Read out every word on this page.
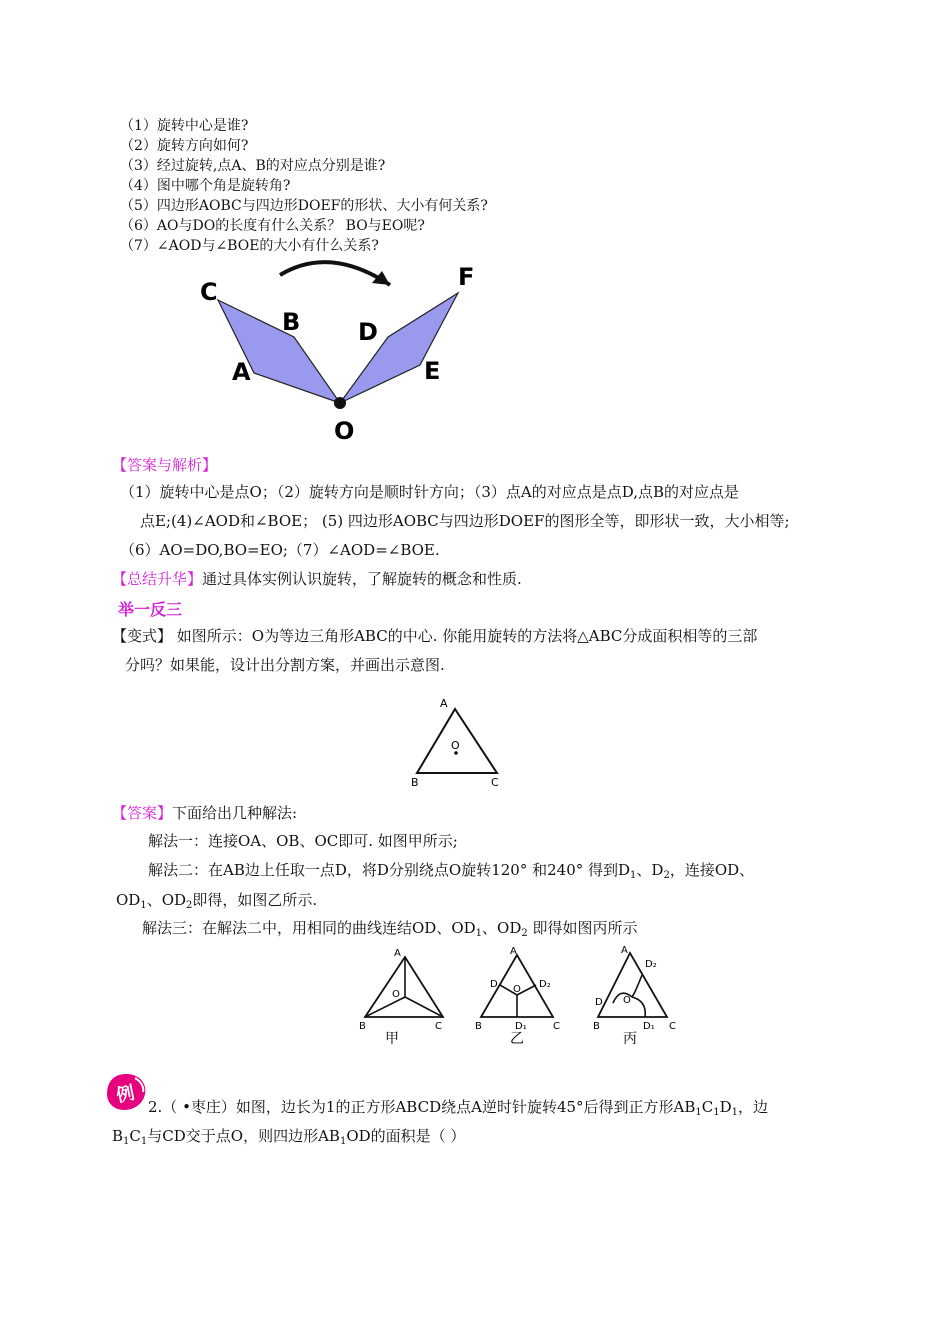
（1）旋转中心是谁?
（2）旋转方向如何?
（3）经过旋转,点A、B的对应点分别是谁?
（4）图中哪个角是旋转角?
（5）四边形AOBC与四边形DOEF的形状、大小有何关系?
（6）AO与DO的长度有什么关系？ BO与EO呢?
（7）∠AOD与∠BOE的大小有什么关系?
C
B
A
D
F
E
O
【答案与解析】
（1）旋转中心是点O；（2）旋转方向是顺时针方向；（3）点A的对应点是点D,点B的对应点是
点E;(4)∠AOD和∠BOE； (5) 四边形AOBC与四边形DOEF的图形全等，即形状一致，大小相等;
（6）AO=DO,BO=EO;（7）∠AOD=∠BOE.
【总结升华】通过具体实例认识旋转，了解旋转的概念和性质.
举一反三
【变式】 如图所示：O为等边三角形ABC的中心. 你能用旋转的方法将△ABC分成面积相等的三部
分吗？如果能，设计出分割方案，并画出示意图.
A
O
B	C
【答案】下面给出几种解法:
解法一：连接OA、OB、OC即可. 如图甲所示;
解法二：在AB边上任取一点D，将D分别绕点O旋转120° 和240° 得到$D_1$、$D_2$，连接OD、
$OD_1$、$OD_2$即得，如图乙所示.
解法三：在解法二中，用相同的曲线连结OD、$OD_1$、$OD_2$ 即得如图丙所示
A
O
B	C
甲
A
O
D	D₂
D₁
B	C
乙
A
D₂
D O
D₁
B	C
丙
例
2.（ •枣庄）如图，边长为1的正方形ABCD绕点A逆时针旋转45°后得到正方形$AB_1C_1D_1$，边
$B_1C_1$与CD交于点O，则四边形$AB_1OD$的面积是（ ）
